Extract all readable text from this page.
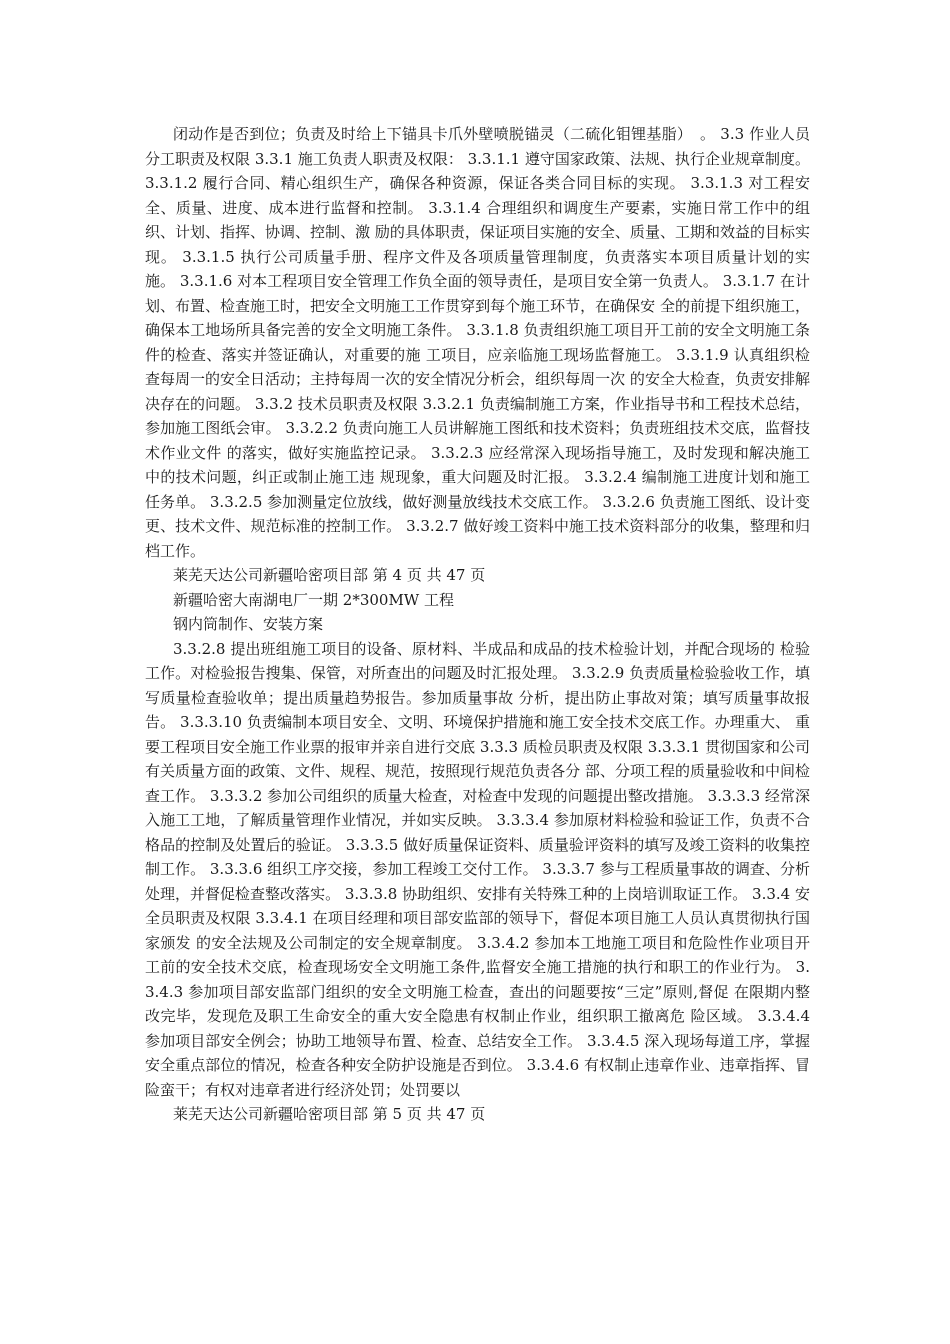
闭动作是否到位；负责及时给上下锚具卡爪外壁喷脱锚灵（二硫化钼锂基脂）　。 3.3 作业人员分工职责及权限 3.3.1 施工负责人职责及权限： 3.3.1.1 遵守国家政策、法规、执行企业规章制度。 3.3.1.2 履行合同、精心组织生产，确保各种资源，保证各类合同目标的实现。 3.3.1.3 对工程安全、质量、进度、成本进行监督和控制。 3.3.1.4 合理组织和调度生产要素，实施日常工作中的组织、计划、指挥、协调、控制、激 励的具体职责，保证项目实施的安全、质量、工期和效益的目标实现。 3.3.1.5 执行公司质量手册、程序文件及各项质量管理制度，负责落实本项目质量计划的实 施。 3.3.1.6 对本工程项目安全管理工作负全面的领导责任，是项目安全第一负责人。 3.3.1.7 在计划、布置、检查施工时，把安全文明施工工作贯穿到每个施工环节，在确保安 全的前提下组织施工，确保本工地场所具备完善的安全文明施工条件。 3.3.1.8 负责组织施工项目开工前的安全文明施工条件的检查、落实并签证确认，对重要的施 工项目，应亲临施工现场监督施工。 3.3.1.9 认真组织检查每周一的安全日活动；主持每周一次的安全情况分析会，组织每周一次 的安全大检查，负责安排解决存在的问题。 3.3.2 技术员职责及权限 3.3.2.1 负责编制施工方案，作业指导书和工程技术总结，参加施工图纸会审。 3.3.2.2 负责向施工人员讲解施工图纸和技术资料；负责班组技术交底，监督技术作业文件 的落实，做好实施监控记录。 3.3.2.3 应经常深入现场指导施工，及时发现和解决施工中的技术问题，纠正或制止施工违 规现象，重大问题及时汇报。 3.3.2.4 编制施工进度计划和施工任务单。 3.3.2.5 参加测量定位放线，做好测量放线技术交底工作。 3.3.2.6 负责施工图纸、设计变更、技术文件、规范标准的控制工作。 3.3.2.7 做好竣工资料中施工技术资料部分的收集，整理和归档工作。

莱芜天达公司新疆哈密项目部 第 4 页 共 47 页

新疆哈密大南湖电厂一期 2*300MW 工程

钢内筒制作、安装方案

3.3.2.8 提出班组施工项目的设备、原材料、半成品和成品的技术检验计划，并配合现场的 检验工作。对检验报告搜集、保管，对所查出的问题及时汇报处理。 3.3.2.9 负责质量检验验收工作，填写质量检查验收单；提出质量趋势报告。参加质量事故 分析，提出防止事故对策；填写质量事故报告。 3.3.3.10 负责编制本项目安全、文明、环境保护措施和施工安全技术交底工作。办理重大、 重要工程项目安全施工作业票的报审并亲自进行交底 3.3.3 质检员职责及权限 3.3.3.1 贯彻国家和公司有关质量方面的政策、文件、规程、规范，按照现行规范负责各分 部、分项工程的质量验收和中间检查工作。 3.3.3.2 参加公司组织的质量大检查，对检查中发现的问题提出整改措施。 3.3.3.3 经常深入施工工地，了解质量管理作业情况，并如实反映。 3.3.3.4 参加原材料检验和验证工作，负责不合格品的控制及处置后的验证。 3.3.3.5 做好质量保证资料、质量验评资料的填写及竣工资料的收集控制工作。 3.3.3.6 组织工序交接，参加工程竣工交付工作。 3.3.3.7 参与工程质量事故的调查、分析处理，并督促检查整改落实。 3.3.3.8 协助组织、安排有关特殊工种的上岗培训取证工作。 3.3.4 安全员职责及权限 3.3.4.1 在项目经理和项目部安监部的领导下，督促本项目施工人员认真贯彻执行国家颁发 的安全法规及公司制定的安全规章制度。 3.3.4.2 参加本工地施工项目和危险性作业项目开工前的安全技术交底，检查现场安全文明施工条件,监督安全施工措施的执行和职工的作业行为。 3.3.4.3 参加项目部安监部门组织的安全文明施工检查，查出的问题要按“三定”原则,督促 在限期内整改完毕，发现危及职工生命安全的重大安全隐患有权制止作业，组织职工撤离危 险区域。 3.3.4.4 参加项目部安全例会；协助工地领导布置、检查、总结安全工作。 3.3.4.5 深入现场每道工序，掌握安全重点部位的情况，检查各种安全防护设施是否到位。 3.3.4.6 有权制止违章作业、违章指挥、冒险蛮干；有权对违章者进行经济处罚；处罚要以

莱芜天达公司新疆哈密项目部 第 5 页 共 47 页
